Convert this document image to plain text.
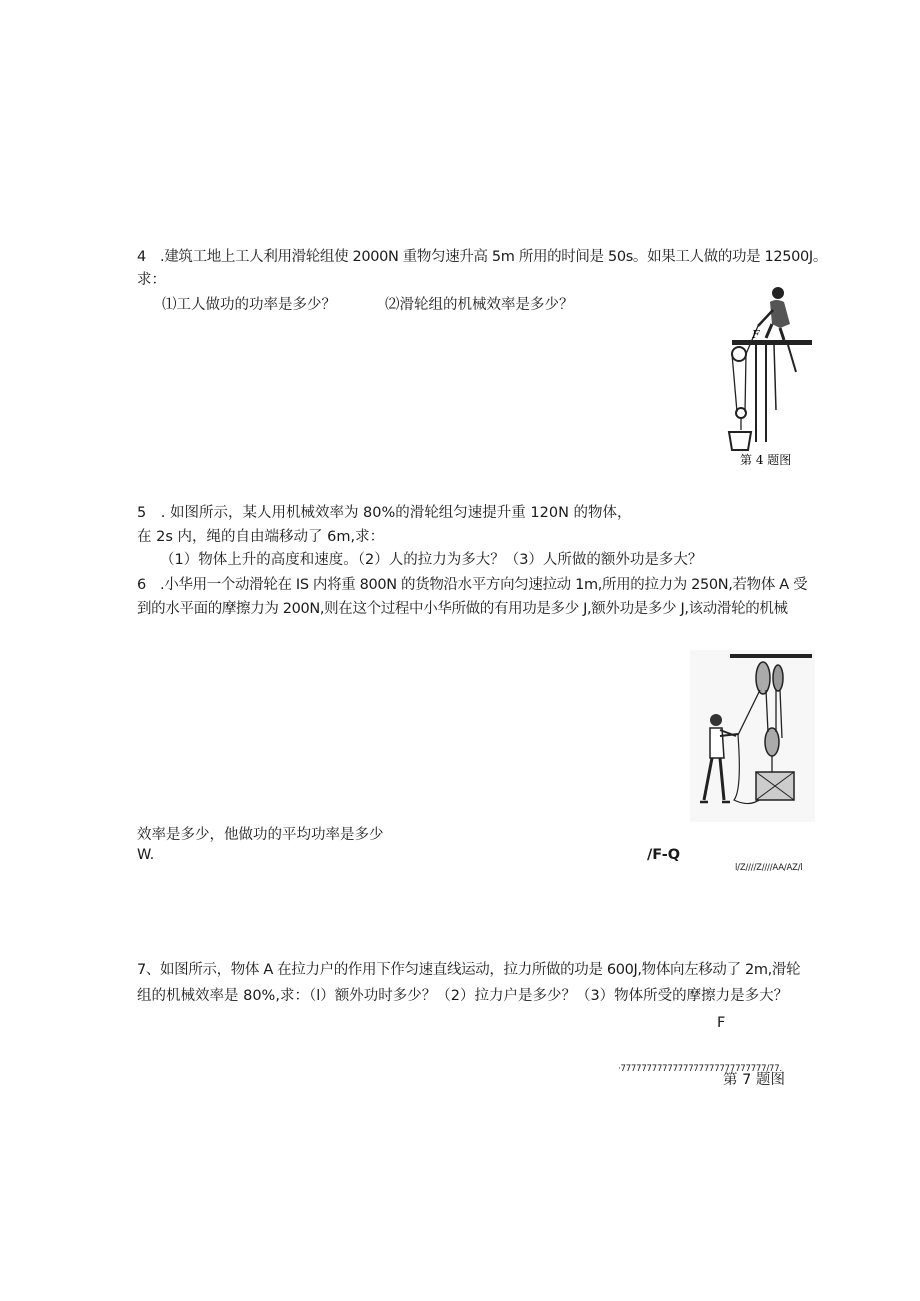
4　.建筑工地上工人利用滑轮组使 2000N 重物匀速升高 5m 所用的时间是 50s。如果工人做的功是 12500J。
求：
⑴工人做功的功率是多少？	⑵滑轮组的机械效率是多少？
F
第 4 题图
5　. 如图所示，某人用机械效率为 80%的滑轮组匀速提升重 120N 的物体，
在 2s 内，绳的自由端移动了 6m,求：
（1）物体上升的高度和速度。（2）人的拉力为多大？（3）人所做的额外功是多大？
6　.小华用一个动滑轮在 IS 内将重 800N 的货物沿水平方向匀速拉动 1m,所用的拉力为 250N,若物体 A 受
到的水平面的摩擦力为 200N,则在这个过程中小华所做的有用功是多少 J,额外功是多少 J,该动滑轮的机械
效率是多少，他做功的平均功率是多少
W.	/F-Q
l/Z////Z////AA/AZ/l
7、如图所示，物体 A 在拉力户的作用下作匀速直线运动，拉力所做的功是 600J,物体向左移动了 2m,滑轮
组的机械效率是 80%,求：（l）额外功时多少？（2）拉力户是多少？（3）物体所受的摩擦力是多大？
F
·7777777777777777777777777777/77.
第 7 题图
